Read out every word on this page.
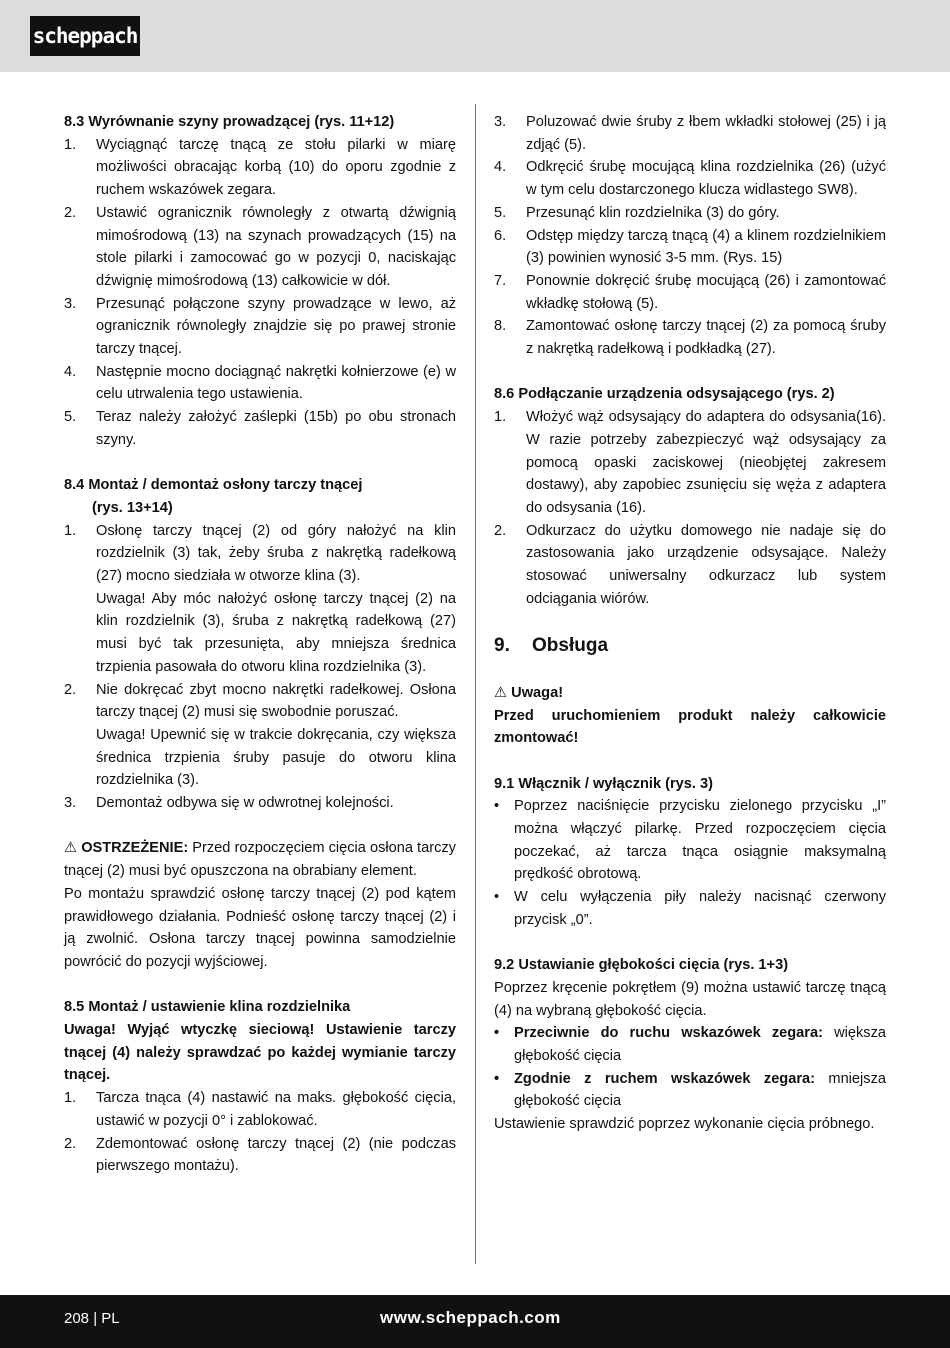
scheppach

8.3 Wyrównanie szyny prowadzącej (rys. 11+12)

1. Wyciągnąć tarczę tnącą ze stołu pilarki w miarę możliwości obracając korbą (10) do oporu zgodnie z ruchem wskazówek zegara.
2. Ustawić ogranicznik równoległy z otwartą dźwignią mimośrodową (13) na szynach prowadzących (15) na stole pilarki i zamocować go w pozycji 0, naciskając dźwignię mimośrodową (13) całkowicie w dół.
3. Przesunąć połączone szyny prowadzące w lewo, aż ogranicznik równoległy znajdzie się po prawej stronie tarczy tnącej.
4. Następnie mocno dociągnąć nakrętki kołnierzowe (e) w celu utrwalenia tego ustawienia.
5. Teraz należy założyć zaślepki (15b) po obu stronach szyny.

8.4 Montaż / demontaż osłony tarczy tnącej

(rys. 13+14)

1. Osłonę tarczy tnącej (2) od góry nałożyć na klin rozdzielnik (3) tak, żeby śruba z nakrętką radełkową (27) mocno siedziała w otworze klina (3).

Uwaga! Aby móc nałożyć osłonę tarczy tnącej (2) na klin rozdzielnik (3), śruba z nakrętką radełkową (27) musi być tak przesunięta, aby mniejsza średnica trzpienia pasowała do otworu klina rozdzielnika (3).

2. Nie dokręcać zbyt mocno nakrętki radełkowej. Osłona tarczy tnącej (2) musi się swobodnie poruszać.

Uwaga! Upewnić się w trakcie dokręcania, czy większa średnica trzpienia śruby pasuje do otworu klina rozdzielnika (3).

3. Demontaż odbywa się w odwrotnej kolejności.

⚠ OSTRZEŻENIE: Przed rozpoczęciem cięcia osłona tarczy tnącej (2) musi być opuszczona na obrabiany element.

Po montażu sprawdzić osłonę tarczy tnącej (2) pod kątem prawidłowego działania. Podnieść osłonę tarczy tnącej (2) i ją zwolnić. Osłona tarczy tnącej powinna samodzielnie powrócić do pozycji wyjściowej.

8.5 Montaż / ustawienie klina rozdzielnika

Uwaga! Wyjąć wtyczkę sieciową! Ustawienie tarczy tnącej (4) należy sprawdzać po każdej wymianie tarczy tnącej.

1. Tarcza tnąca (4) nastawić na maks. głębokość cięcia, ustawić w pozycji 0° i zablokować.
2. Zdemontować osłonę tarczy tnącej (2) (nie podczas pierwszego montażu).
3. Poluzować dwie śruby z łbem wkładki stołowej (25) i ją zdjąć (5).
4. Odkręcić śrubę mocującą klina rozdzielnika (26) (użyć w tym celu dostarczonego klucza widlastego SW8).
5. Przesunąć klin rozdzielnika (3) do góry.
6. Odstęp między tarczą tnącą (4) a klinem rozdzielnikiem (3) powinien wynosić 3-5 mm. (Rys. 15)
7. Ponownie dokręcić śrubę mocującą (26) i zamontować wkładkę stołową (5).
8. Zamontować osłonę tarczy tnącej (2) za pomocą śruby z nakrętką radełkową i podkładką (27).

8.6 Podłączanie urządzenia odsysającego (rys. 2)

1. Włożyć wąż odsysający do adaptera do odsysania(16). W razie potrzeby zabezpieczyć wąż odsysający za pomocą opaski zaciskowej (nieobjętej zakresem dostawy), aby zapobiec zsunięciu się węża z adaptera do odsysania (16).
2. Odkurzacz do użytku domowego nie nadaje się do zastosowania jako urządzenie odsysające. Należy stosować uniwersalny odkurzacz lub system odciągania wiórów.

9. Obsługa

⚠ Uwaga!

Przed uruchomieniem produkt należy całkowicie zmontować!

9.1 Włącznik / wyłącznik (rys. 3)

• Poprzez naciśnięcie przycisku zielonego przycisku „I” można włączyć pilarkę. Przed rozpoczęciem cięcia poczekać, aż tarcza tnąca osiągnie maksymalną prędkość obrotową.
• W celu wyłączenia piły należy nacisnąć czerwony przycisk „0”.

9.2 Ustawianie głębokości cięcia (rys. 1+3)

Poprzez kręcenie pokrętłem (9) można ustawić tarczę tnącą (4) na wybraną głębokość cięcia.

• Przeciwnie do ruchu wskazówek zegara: większa głębokość cięcia
• Zgodnie z ruchem wskazówek zegara: mniejsza głębokość cięcia

Ustawienie sprawdzić poprzez wykonanie cięcia próbnego.

208 | PL	www.scheppach.com
